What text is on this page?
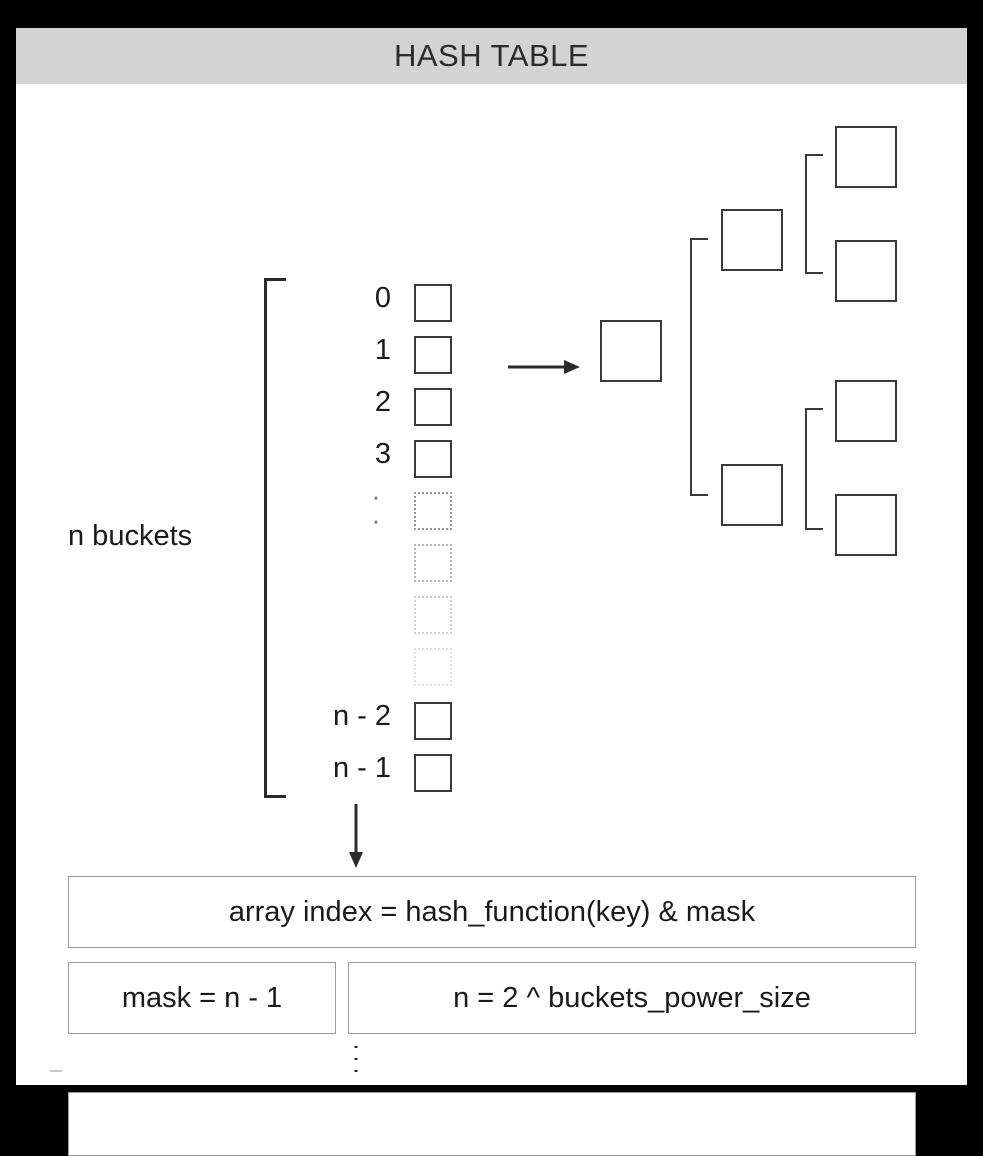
HASH TABLE
n buckets
0
1
2
3
n - 2
n - 1
·
·
array index = hash_function(key) & mask
mask = n - 1	n = 2 ^ buckets_power_size
